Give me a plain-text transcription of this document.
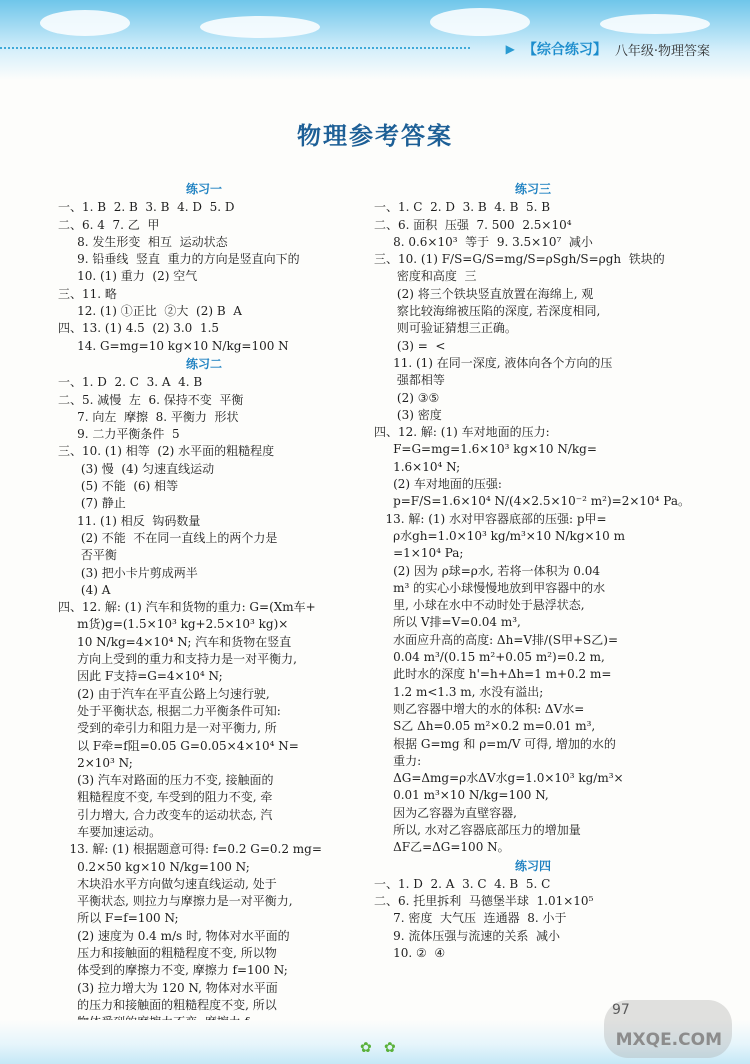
▶ 【综合练习】 八年级·物理答案
物理参考答案
练习一
一、1. B  2. B  3. B  4. D  5. D
二、6. 4  7. 乙  甲
8. 发生形变  相互  运动状态
9. 铅垂线  竖直  重力的方向是竖直向下的
10. (1) 重力  (2) 空气
三、11. 略
12. (1) ①正比  ②大  (2) B  A
四、13. (1) 4.5  (2) 3.0  1.5
14. G=mg=10 kg×10 N/kg=100 N
练习二
一、1. D  2. C  3. A  4. B
二、5. 减慢  左  6. 保持不变  平衡
7. 向左  摩擦  8. 平衡力  形状
9. 二力平衡条件  5
三、10. (1) 相等  (2) 水平面的粗糙程度
(3) 慢  (4) 匀速直线运动
(5) 不能  (6) 相等
(7) 静止
11. (1) 相反  钩码数量
(2) 不能  不在同一直线上的两个力是
否平衡
(3) 把小卡片剪成两半
(4) A
四、12. 解: (1) 汽车和货物的重力: G=(Xm车+
m货)g=(1.5×10³ kg+2.5×10³ kg)×
10 N/kg=4×10⁴ N; 汽车和货物在竖直
方向上受到的重力和支持力是一对平衡力,
因此 F支持=G=4×10⁴ N;
(2) 由于汽车在平直公路上匀速行驶,
处于平衡状态, 根据二力平衡条件可知:
受到的牵引力和阻力是一对平衡力, 所
以 F牵=f阻=0.05 G=0.05×4×10⁴ N=
2×10³ N;
(3) 汽车对路面的压力不变, 接触面的
粗糙程度不变, 车受到的阻力不变, 牵
引力增大, 合力改变车的运动状态, 汽
车要加速运动。
13. 解: (1) 根据题意可得: f=0.2 G=0.2 mg=
0.2×50 kg×10 N/kg=100 N;
木块沿水平方向做匀速直线运动, 处于
平衡状态, 则拉力与摩擦力是一对平衡力,
所以 F=f=100 N;
(2) 速度为 0.4 m/s 时, 物体对水平面的
压力和接触面的粗糙程度不变, 所以物
体受到的摩擦力不变, 摩擦力 f=100 N;
(3) 拉力增大为 120 N, 物体对水平面
的压力和接触面的粗糙程度不变, 所以
练习三
一、1. C  2. D  3. B  4. B  5. B
二、6. 面积  压强  7. 500  2.5×10⁴
8. 0.6×10³  等于  9. 3.5×10⁷  减小
三、10. (1) F/S=G/S=mg/S=ρSgh/S=ρgh  铁块的
密度和高度  三
(2) 将三个铁块竖直放置在海绵上, 观
察比较海绵被压陷的深度, 若深度相同,
则可验证猜想三正确。
(3) =  <
11. (1) 在同一深度, 液体向各个方向的压
强都相等
(2) ③⑤
(3) 密度
四、12. 解: (1) 车对地面的压力:
F=G=mg=1.6×10³ kg×10 N/kg=
1.6×10⁴ N;
(2) 车对地面的压强:
p=F/S=1.6×10⁴ N/(4×2.5×10⁻² m²)=2×10⁴ Pa。
13. 解: (1) 水对甲容器底部的压强: p甲=
ρ水gh=1.0×10³ kg/m³×10 N/kg×10 m
=1×10⁴ Pa;
(2) 因为 ρ球=ρ水, 若将一体积为 0.04
m³ 的实心小球慢慢地放到甲容器中的水
里, 小球在水中不动时处于悬浮状态,
所以 V排=V=0.04 m³,
水面应升高的高度: Δh=V排/(S甲+S乙)=
0.04 m³/(0.15 m²+0.05 m²)=0.2 m,
此时水的深度 h'=h+Δh=1 m+0.2 m=
1.2 m<1.3 m, 水没有溢出;
则乙容器中增大的水的体积: ΔV水=
S乙 Δh=0.05 m²×0.2 m=0.01 m³,
根据 G=mg 和 ρ=m/V 可得, 增加的水的
重力:
ΔG=Δmg=ρ水ΔV水g=1.0×10³ kg/m³×
0.01 m³×10 N/kg=100 N,
因为乙容器为直壁容器,
所以, 水对乙容器底部压力的增加量
ΔF乙=ΔG=100 N。
练习四
一、1. D  2. A  3. C  4. B  5. C
二、6. 托里拆利  马德堡半球  1.01×10⁵
7. 密度  大气压  连通器  8. 小于
9. 流体压强与流速的关系  减小
10. ②  ④
✿ ✿
97
MXQE.COM
